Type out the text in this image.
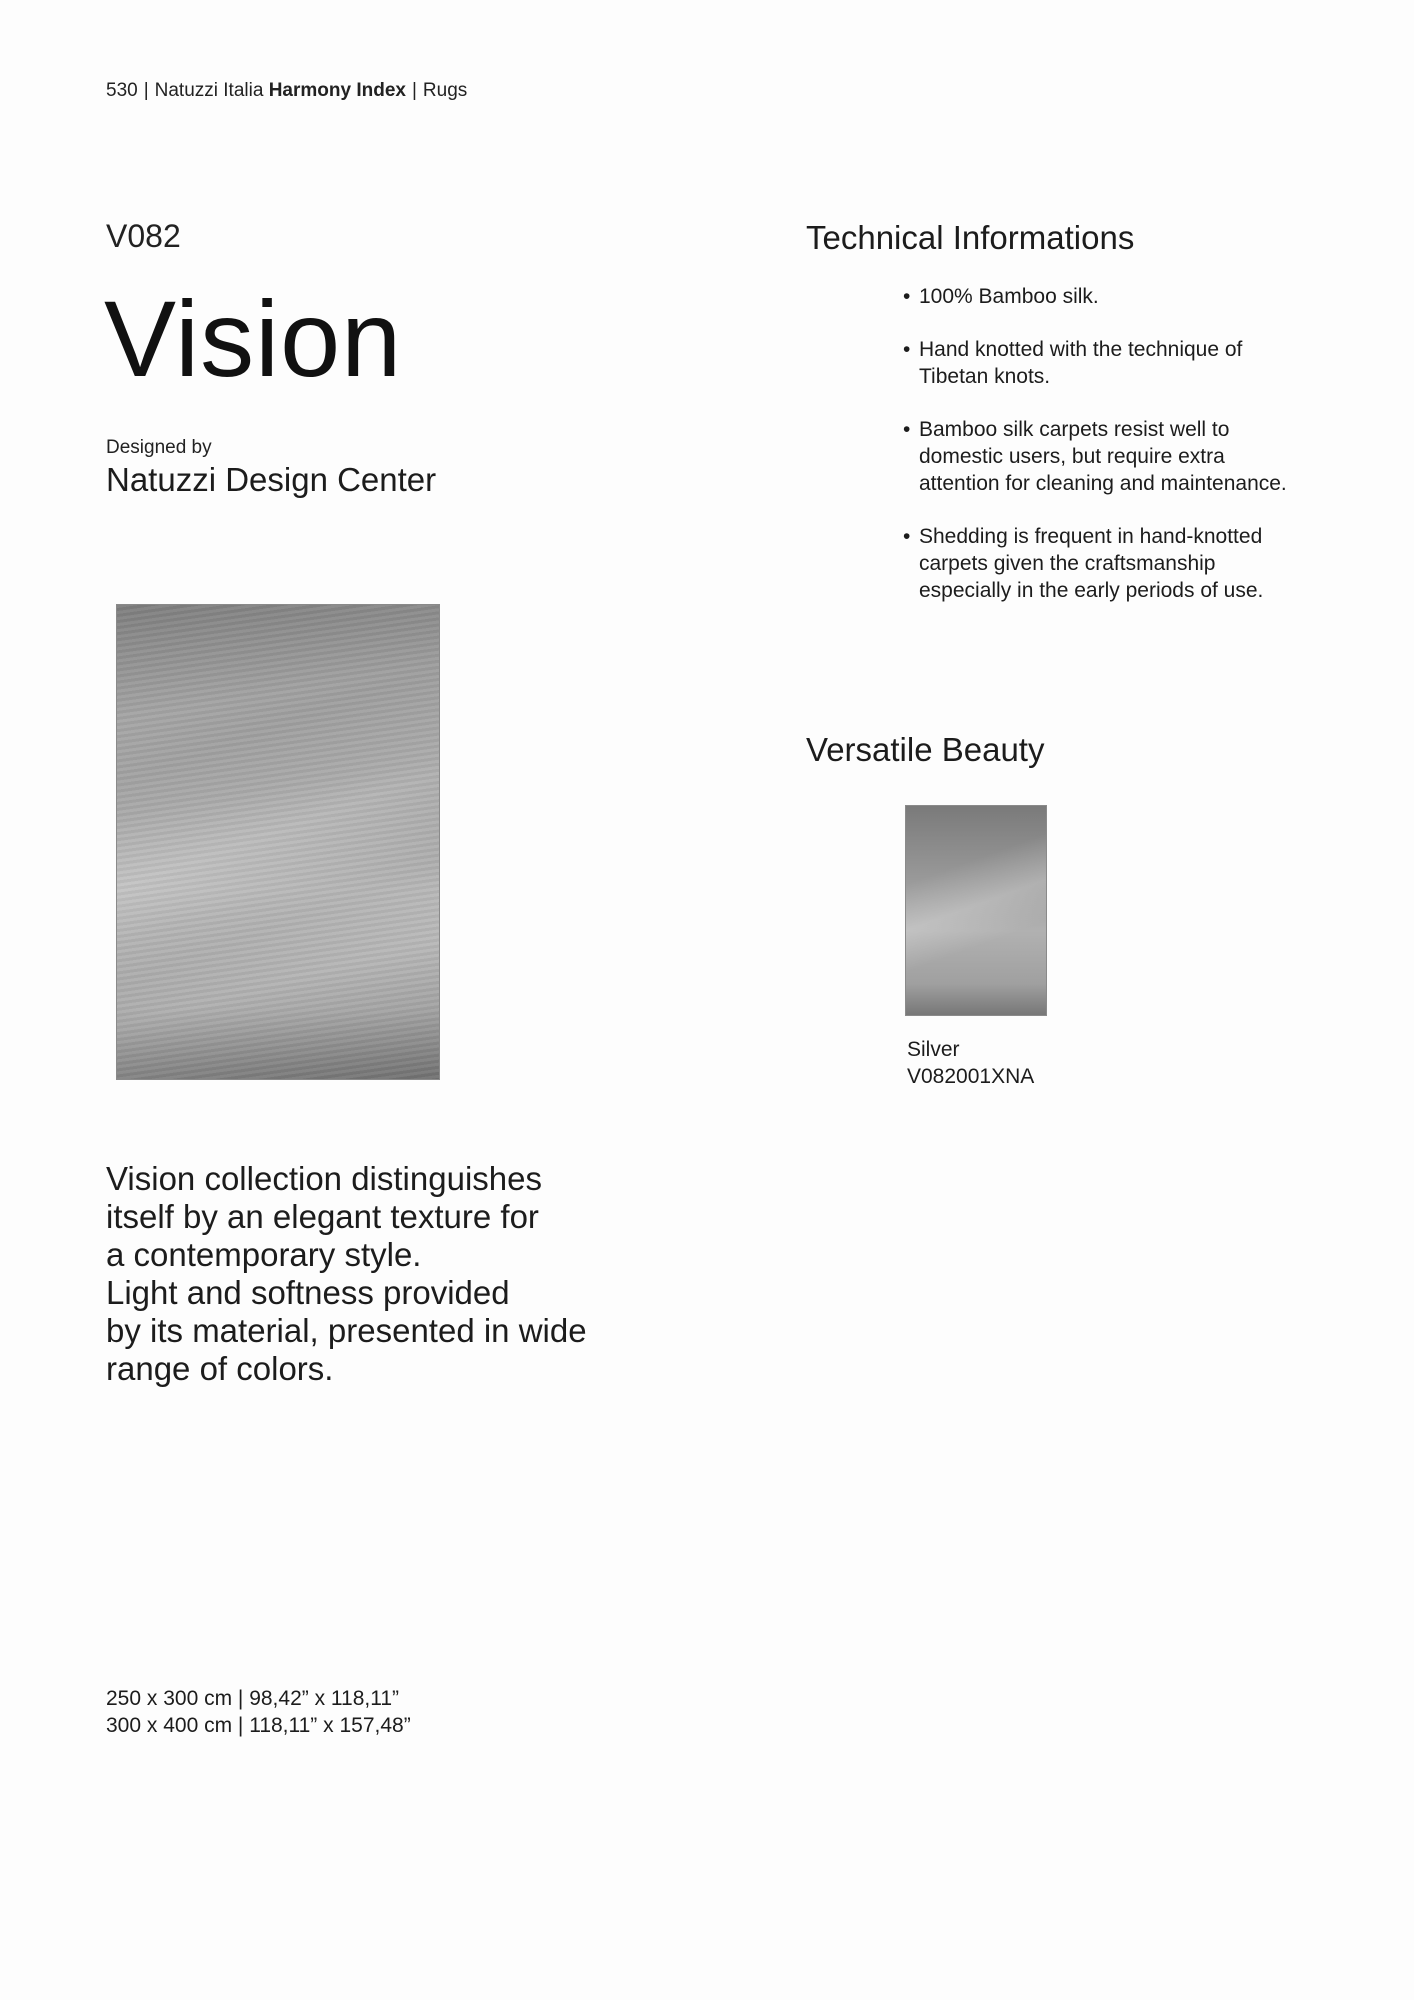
530 | Natuzzi Italia Harmony Index | Rugs
V082
Vision
Designed by
Natuzzi Design Center
Vision collection distinguishes
itself by an elegant texture for
a contemporary style.
Light and softness provided
by its material, presented in wide
range of colors.
250 x 300 cm | 98,42” x 118,11”
300 x 400 cm | 118,11” x 157,48”
Technical Informations
• 100% Bamboo silk.
• Hand knotted with the technique of Tibetan knots.
• Bamboo silk carpets resist well to domestic users, but require extra attention for cleaning and maintenance.
• Shedding is frequent in hand-knotted carpets given the craftsmanship especially in the early periods of use.
Versatile Beauty
Silver
V082001XNA
